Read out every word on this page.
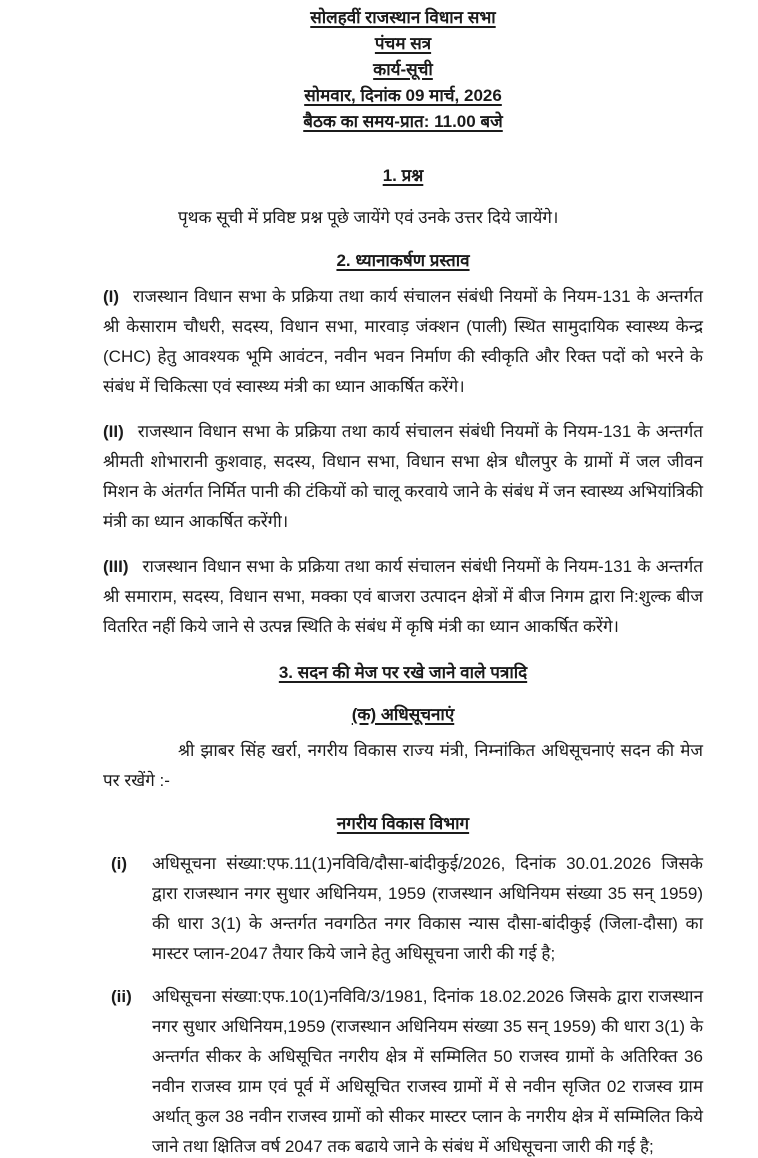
सोलहवीं राजस्थान विधान सभा
पंचम सत्र
कार्य-सूची
सोमवार, दिनांक 09 मार्च, 2026
बैठक का समय-प्रात: 11.00 बजे
1. प्रश्न

पृथक सूची में प्रविष्ट प्रश्न पूछे जायेंगे एवं उनके उत्तर दिये जायेंगे।

2. ध्यानाकर्षण प्रस्ताव

(I) राजस्थान विधान सभा के प्रक्रिया तथा कार्य संचालन संबंधी नियमों के नियम-131 के अन्तर्गत श्री केसाराम चौधरी, सदस्य, विधान सभा, मारवाड़ जंक्शन (पाली) स्थित सामुदायिक स्वास्थ्य केन्द्र (CHC) हेतु आवश्यक भूमि आवंटन, नवीन भवन निर्माण की स्वीकृति और रिक्त पदों को भरने के संबंध में चिकित्सा एवं स्वास्थ्य मंत्री का ध्यान आकर्षित करेंगे।

(II) राजस्थान विधान सभा के प्रक्रिया तथा कार्य संचालन संबंधी नियमों के नियम-131 के अन्तर्गत श्रीमती शोभारानी कुशवाह, सदस्य, विधान सभा, विधान सभा क्षेत्र धौलपुर के ग्रामों में जल जीवन मिशन के अंतर्गत निर्मित पानी की टंकियों को चालू करवाये जाने के संबंध में जन स्वास्थ्य अभियांत्रिकी मंत्री का ध्यान आकर्षित करेंगी।

(III) राजस्थान विधान सभा के प्रक्रिया तथा कार्य संचालन संबंधी नियमों के नियम-131 के अन्तर्गत श्री समाराम, सदस्य, विधान सभा, मक्का एवं बाजरा उत्पादन क्षेत्रों में बीज निगम द्वारा नि:शुल्क बीज वितरित नहीं किये जाने से उत्पन्न स्थिति के संबंध में कृषि मंत्री का ध्यान आकर्षित करेंगे।

3. सदन की मेज पर रखे जाने वाले पत्रादि
(क) अधिसूचनाएं

श्री झाबर सिंह खर्रा, नगरीय विकास राज्य मंत्री, निम्नांकित अधिसूचनाएं सदन की मेज पर रखेंगे :-

नगरीय विकास विभाग
(i)	अधिसूचना संख्या:एफ.11(1)नविवि/दौसा-बांदीकुई/2026, दिनांक 30.01.2026 जिसके द्वारा राजस्थान नगर सुधार अधिनियम, 1959 (राजस्थान अधिनियम संख्या 35 सन् 1959) की धारा 3(1) के अन्तर्गत नवगठित नगर विकास न्यास दौसा-बांदीकुई (जिला-दौसा) का मास्टर प्लान-2047 तैयार किये जाने हेतु अधिसूचना जारी की गई है;
(ii)	अधिसूचना संख्या:एफ.10(1)नविवि/3/1981, दिनांक 18.02.2026 जिसके द्वारा राजस्थान नगर सुधार अधिनियम,1959 (राजस्थान अधिनियम संख्या 35 सन् 1959) की धारा 3(1) के अन्तर्गत सीकर के अधिसूचित नगरीय क्षेत्र में सम्मिलित 50 राजस्व ग्रामों के अतिरिक्त 36 नवीन राजस्व ग्राम एवं पूर्व में अधिसूचित राजस्व ग्रामों में से नवीन सृजित 02 राजस्व ग्राम अर्थात् कुल 38 नवीन राजस्व ग्रामों को सीकर मास्टर प्लान के नगरीय क्षेत्र में सम्मिलित किये जाने तथा क्षितिज वर्ष 2047 तक बढाये जाने के संबंध में अधिसूचना जारी की गई है;
